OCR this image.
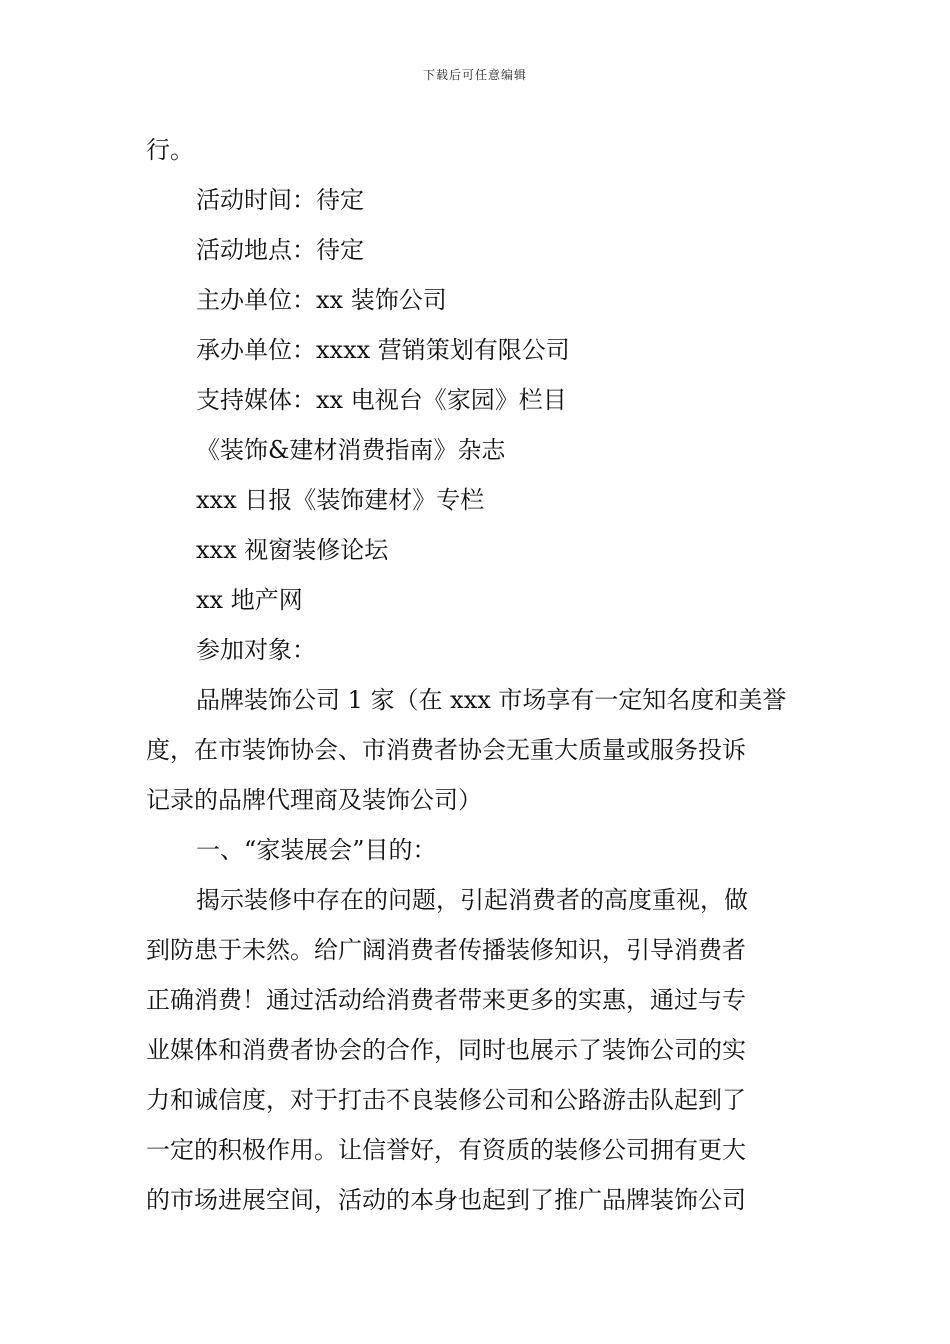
下载后可任意编辑
行。
活动时间：待定
活动地点：待定
主办单位：xx 装饰公司
承办单位：xxxx 营销策划有限公司
支持媒体：xx 电视台《家园》栏目
《装饰&建材消费指南》杂志
xxx 日报《装饰建材》专栏
xxx 视窗装修论坛
xx 地产网
参加对象：
品牌装饰公司 1 家（在 xxx 市场享有一定知名度和美誉
度，在市装饰协会、市消费者协会无重大质量或服务投诉
记录的品牌代理商及装饰公司）
一、“家装展会”目的：
揭示装修中存在的问题，引起消费者的高度重视，做
到防患于未然。给广阔消费者传播装修知识，引导消费者
正确消费！通过活动给消费者带来更多的实惠，通过与专
业媒体和消费者协会的合作，同时也展示了装饰公司的实
力和诚信度，对于打击不良装修公司和公路游击队起到了
一定的积极作用。让信誉好，有资质的装修公司拥有更大
的市场进展空间，活动的本身也起到了推广品牌装饰公司
